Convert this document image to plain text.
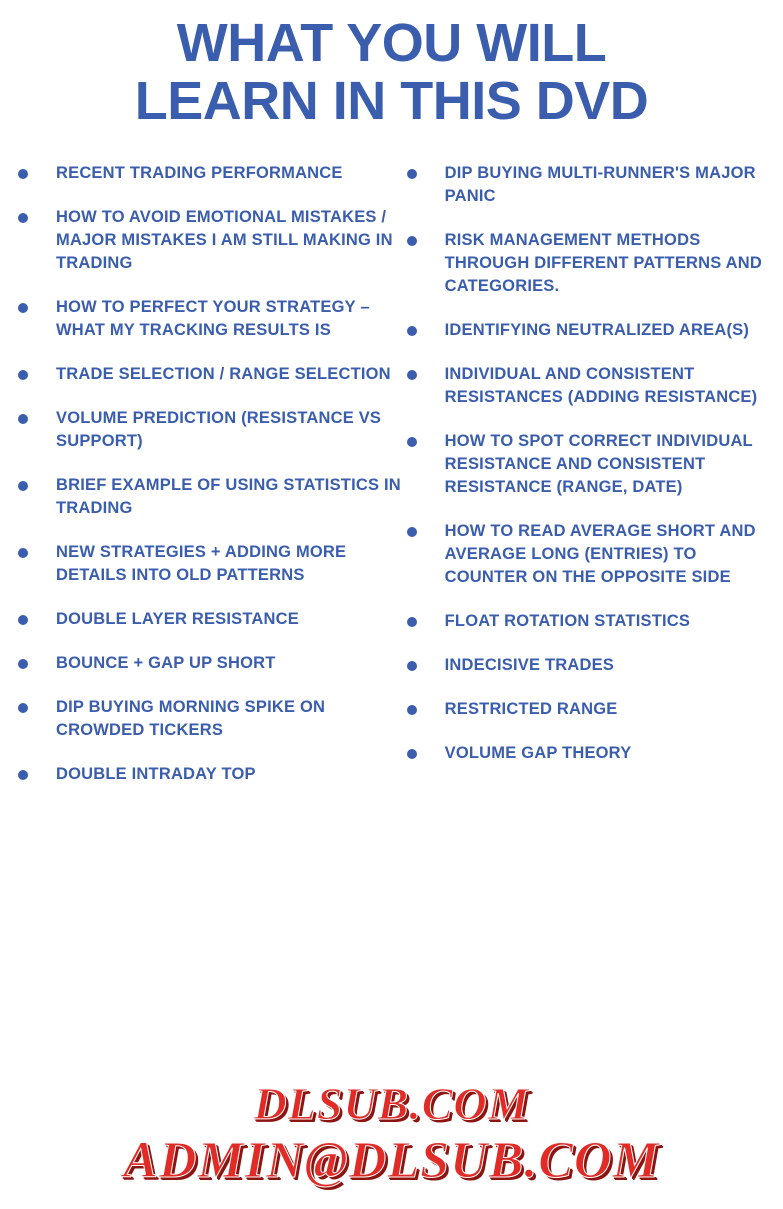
WHAT YOU WILL
LEARN IN THIS DVD
RECENT TRADING PERFORMANCE
HOW TO AVOID EMOTIONAL MISTAKES / MAJOR MISTAKES I AM STILL MAKING IN TRADING
HOW TO PERFECT YOUR STRATEGY – WHAT MY TRACKING RESULTS IS
TRADE SELECTION / RANGE SELECTION
VOLUME PREDICTION (RESISTANCE VS SUPPORT)
BRIEF EXAMPLE OF USING STATISTICS IN TRADING
NEW STRATEGIES + ADDING MORE DETAILS INTO OLD PATTERNS
DOUBLE LAYER RESISTANCE
BOUNCE + GAP UP SHORT
DIP BUYING MORNING SPIKE ON CROWDED TICKERS
DOUBLE INTRADAY TOP
DIP BUYING MULTI-RUNNER'S MAJOR PANIC
RISK MANAGEMENT METHODS THROUGH DIFFERENT PATTERNS AND CATEGORIES.
IDENTIFYING NEUTRALIZED AREA(S)
INDIVIDUAL AND CONSISTENT RESISTANCES (ADDING RESISTANCE)
HOW TO SPOT CORRECT INDIVIDUAL RESISTANCE AND CONSISTENT RESISTANCE (RANGE, DATE)
HOW TO READ AVERAGE SHORT AND AVERAGE LONG (ENTRIES) TO COUNTER ON THE OPPOSITE SIDE
FLOAT ROTATION STATISTICS
INDECISIVE TRADES
RESTRICTED RANGE
VOLUME GAP THEORY
DLSUB.COM
ADMIN@DLSUB.COM
